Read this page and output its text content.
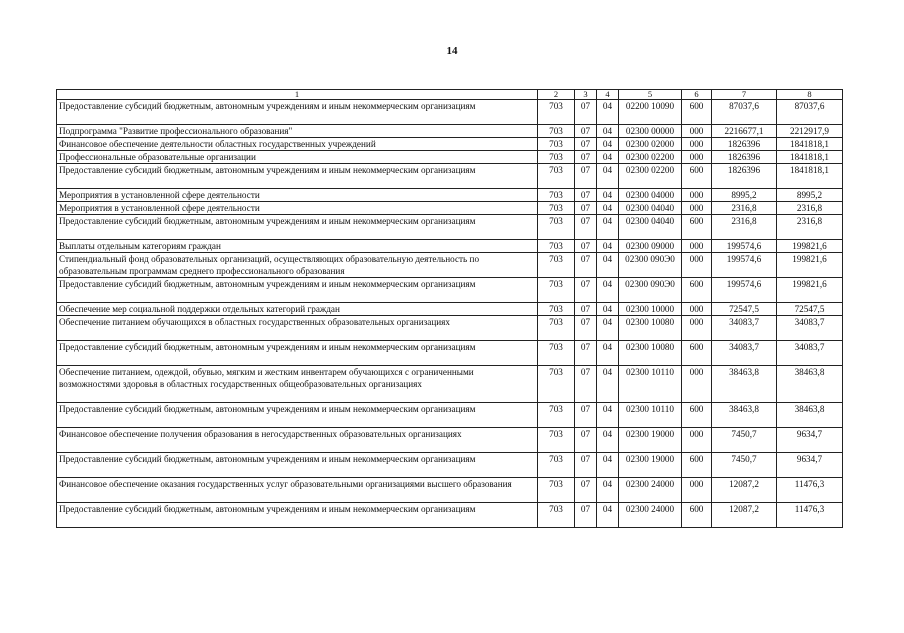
14
1	2	3	4	5	6	7	8
Предоставление субсидий бюджетным, автономным учреждениям и иным некоммерческим организациям	703	07	04	02200 10090	600	87037,6	87037,6
Подпрограмма "Развитие профессионального образования"	703	07	04	02300 00000	000	2216677,1	2212917,9
Финансовое обеспечение деятельности областных государственных учреждений	703	07	04	02300 02000	000	1826396	1841818,1
Профессиональные образовательные организации	703	07	04	02300 02200	000	1826396	1841818,1
Предоставление субсидий бюджетным, автономным учреждениям и иным некоммерческим организациям	703	07	04	02300 02200	600	1826396	1841818,1
Мероприятия в установленной сфере деятельности	703	07	04	02300 04000	000	8995,2	8995,2
Мероприятия в установленной сфере деятельности	703	07	04	02300 04040	000	2316,8	2316,8
Предоставление субсидий бюджетным, автономным учреждениям и иным некоммерческим организациям	703	07	04	02300 04040	600	2316,8	2316,8
Выплаты отдельным категориям граждан	703	07	04	02300 09000	000	199574,6	199821,6
Стипендиальный фонд образовательных организаций, осуществляющих образовательную деятельность по образовательным программам среднего профессионального образования	703	07	04	02300 090Э0	000	199574,6	199821,6
Предоставление субсидий бюджетным, автономным учреждениям и иным некоммерческим организациям	703	07	04	02300 090Э0	600	199574,6	199821,6
Обеспечение мер социальной поддержки отдельных категорий граждан	703	07	04	02300 10000	000	72547,5	72547,5
Обеспечение питанием обучающихся в областных государственных образовательных организациях	703	07	04	02300 10080	000	34083,7	34083,7
Предоставление субсидий бюджетным, автономным учреждениям и иным некоммерческим организациям	703	07	04	02300 10080	600	34083,7	34083,7
Обеспечение питанием, одеждой, обувью, мягким и жестким инвентарем обучающихся с ограниченными возможностями здоровья в областных государственных общеобразовательных организациях	703	07	04	02300 10110	000	38463,8	38463,8
Предоставление субсидий бюджетным, автономным учреждениям и иным некоммерческим организациям	703	07	04	02300 10110	600	38463,8	38463,8
Финансовое обеспечение получения образования в негосударственных образовательных организациях	703	07	04	02300 19000	000	7450,7	9634,7
Предоставление субсидий бюджетным, автономным учреждениям и иным некоммерческим организациям	703	07	04	02300 19000	600	7450,7	9634,7
Финансовое обеспечение оказания государственных услуг образовательными организациями высшего образования	703	07	04	02300 24000	000	12087,2	11476,3
Предоставление субсидий бюджетным, автономным учреждениям и иным некоммерческим организациям	703	07	04	02300 24000	600	12087,2	11476,3
